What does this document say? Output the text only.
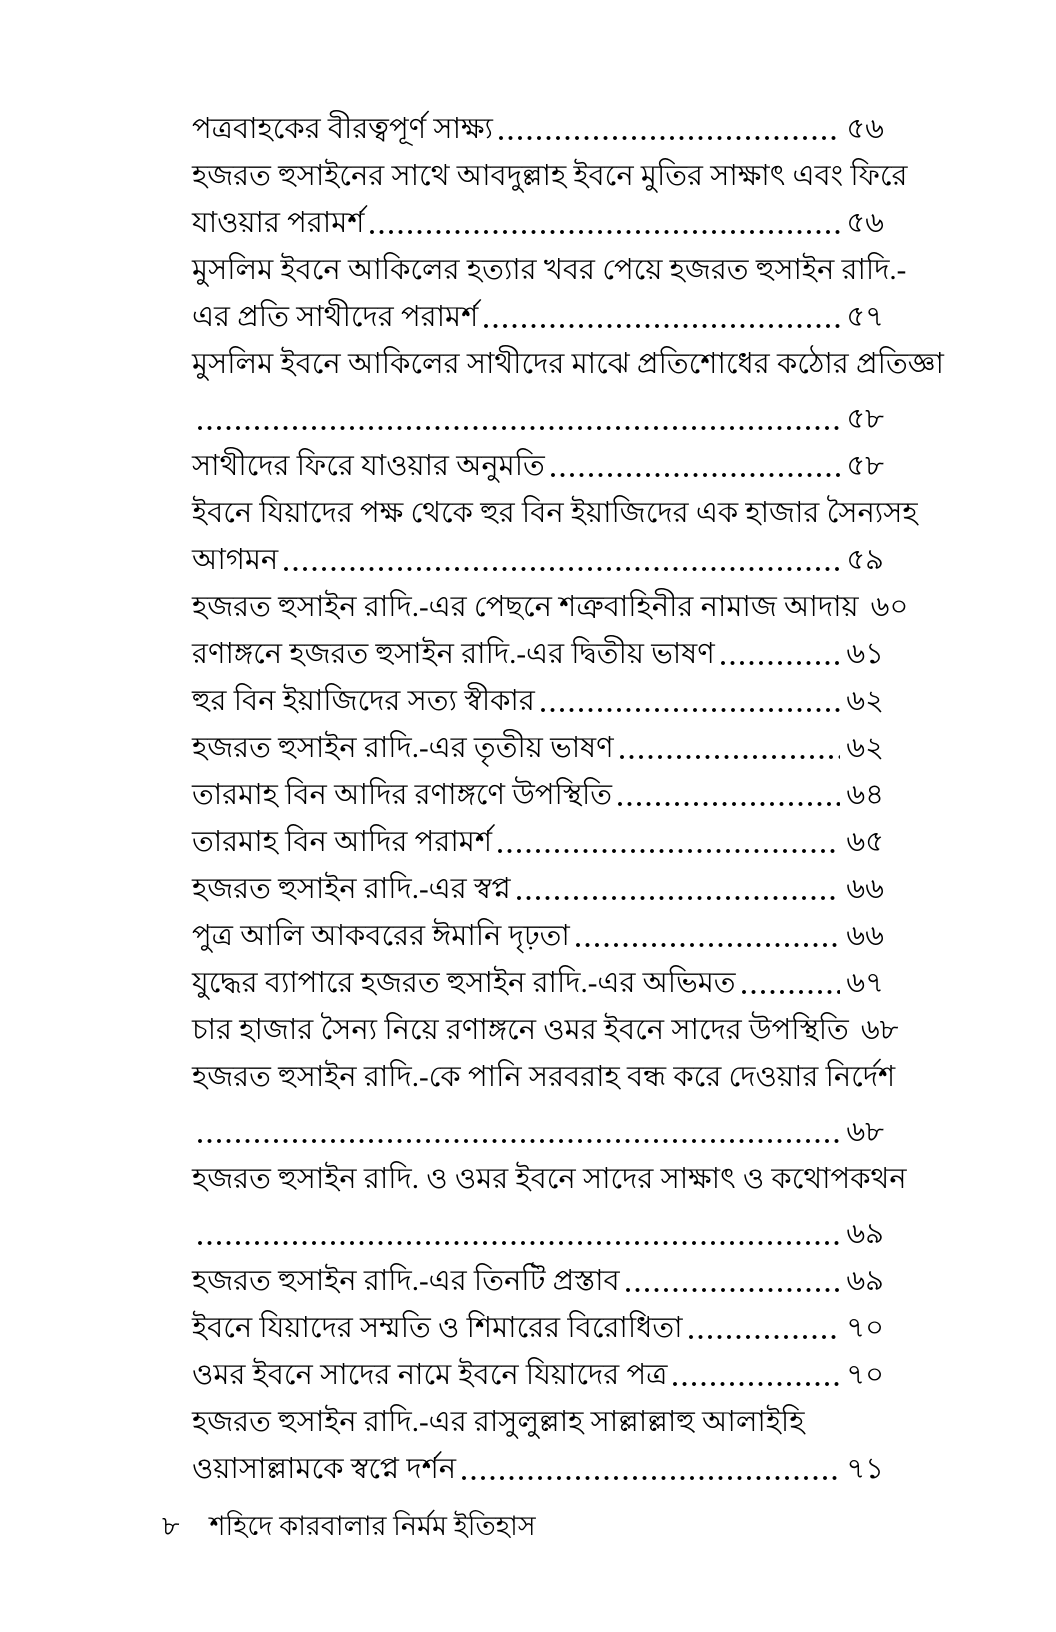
পত্রবাহকের বীরত্বপূর্ণ সাক্ষ্য	৫৬
হজরত হুসাইনের সাথে আবদুল্লাহ ইবনে মুতির সাক্ষাৎ এবং ফিরে
যাওয়ার পরামর্শ	৫৬
মুসলিম ইবনে আকিলের হত্যার খবর পেয়ে হজরত হুসাইন রাদি.-
এর প্রতি সাথীদের পরামর্শ	৫৭
মুসলিম ইবনে আকিলের সাথীদের মাঝে প্রতিশোধের কঠোর প্রতিজ্ঞা
৫৮
সাথীদের ফিরে যাওয়ার অনুমতি	৫৮
ইবনে যিয়াদের পক্ষ থেকে হুর বিন ইয়াজিদের এক হাজার সৈন্যসহ
আগমন	৫৯
হজরত হুসাইন রাদি.-এর পেছনে শত্রুবাহিনীর নামাজ আদায় ৬০
রণাঙ্গনে হজরত হুসাইন রাদি.-এর দ্বিতীয় ভাষণ	৬১
হুর বিন ইয়াজিদের সত্য স্বীকার	৬২
হজরত হুসাইন রাদি.-এর তৃতীয় ভাষণ	৬২
তারমাহ বিন আদির রণাঙ্গণে উপস্থিতি	৬৪
তারমাহ বিন আদির পরামর্শ	৬৫
হজরত হুসাইন রাদি.-এর স্বপ্ন	৬৬
পুত্র আলি আকবরের ঈমানি দৃঢ়তা	৬৬
যুদ্ধের ব্যাপারে হজরত হুসাইন রাদি.-এর অভিমত	৬৭
চার হাজার সৈন্য নিয়ে রণাঙ্গনে ওমর ইবনে সাদের উপস্থিতি ৬৮
হজরত হুসাইন রাদি.-কে পানি সরবরাহ বন্ধ করে দেওয়ার নির্দেশ
৬৮
হজরত হুসাইন রাদি. ও ওমর ইবনে সাদের সাক্ষাৎ ও কথোপকথন
৬৯
হজরত হুসাইন রাদি.-এর তিনটি প্রস্তাব	৬৯
ইবনে যিয়াদের সম্মতি ও শিমারের বিরোধিতা	৭০
ওমর ইবনে সাদের নামে ইবনে যিয়াদের পত্র	৭০
হজরত হুসাইন রাদি.-এর রাসুলুল্লাহ সাল্লাল্লাহু আলাইহি
ওয়াসাল্লামকে স্বপ্নে দর্শন	৭১
৮ শহিদে কারবালার নির্মম ইতিহাস
